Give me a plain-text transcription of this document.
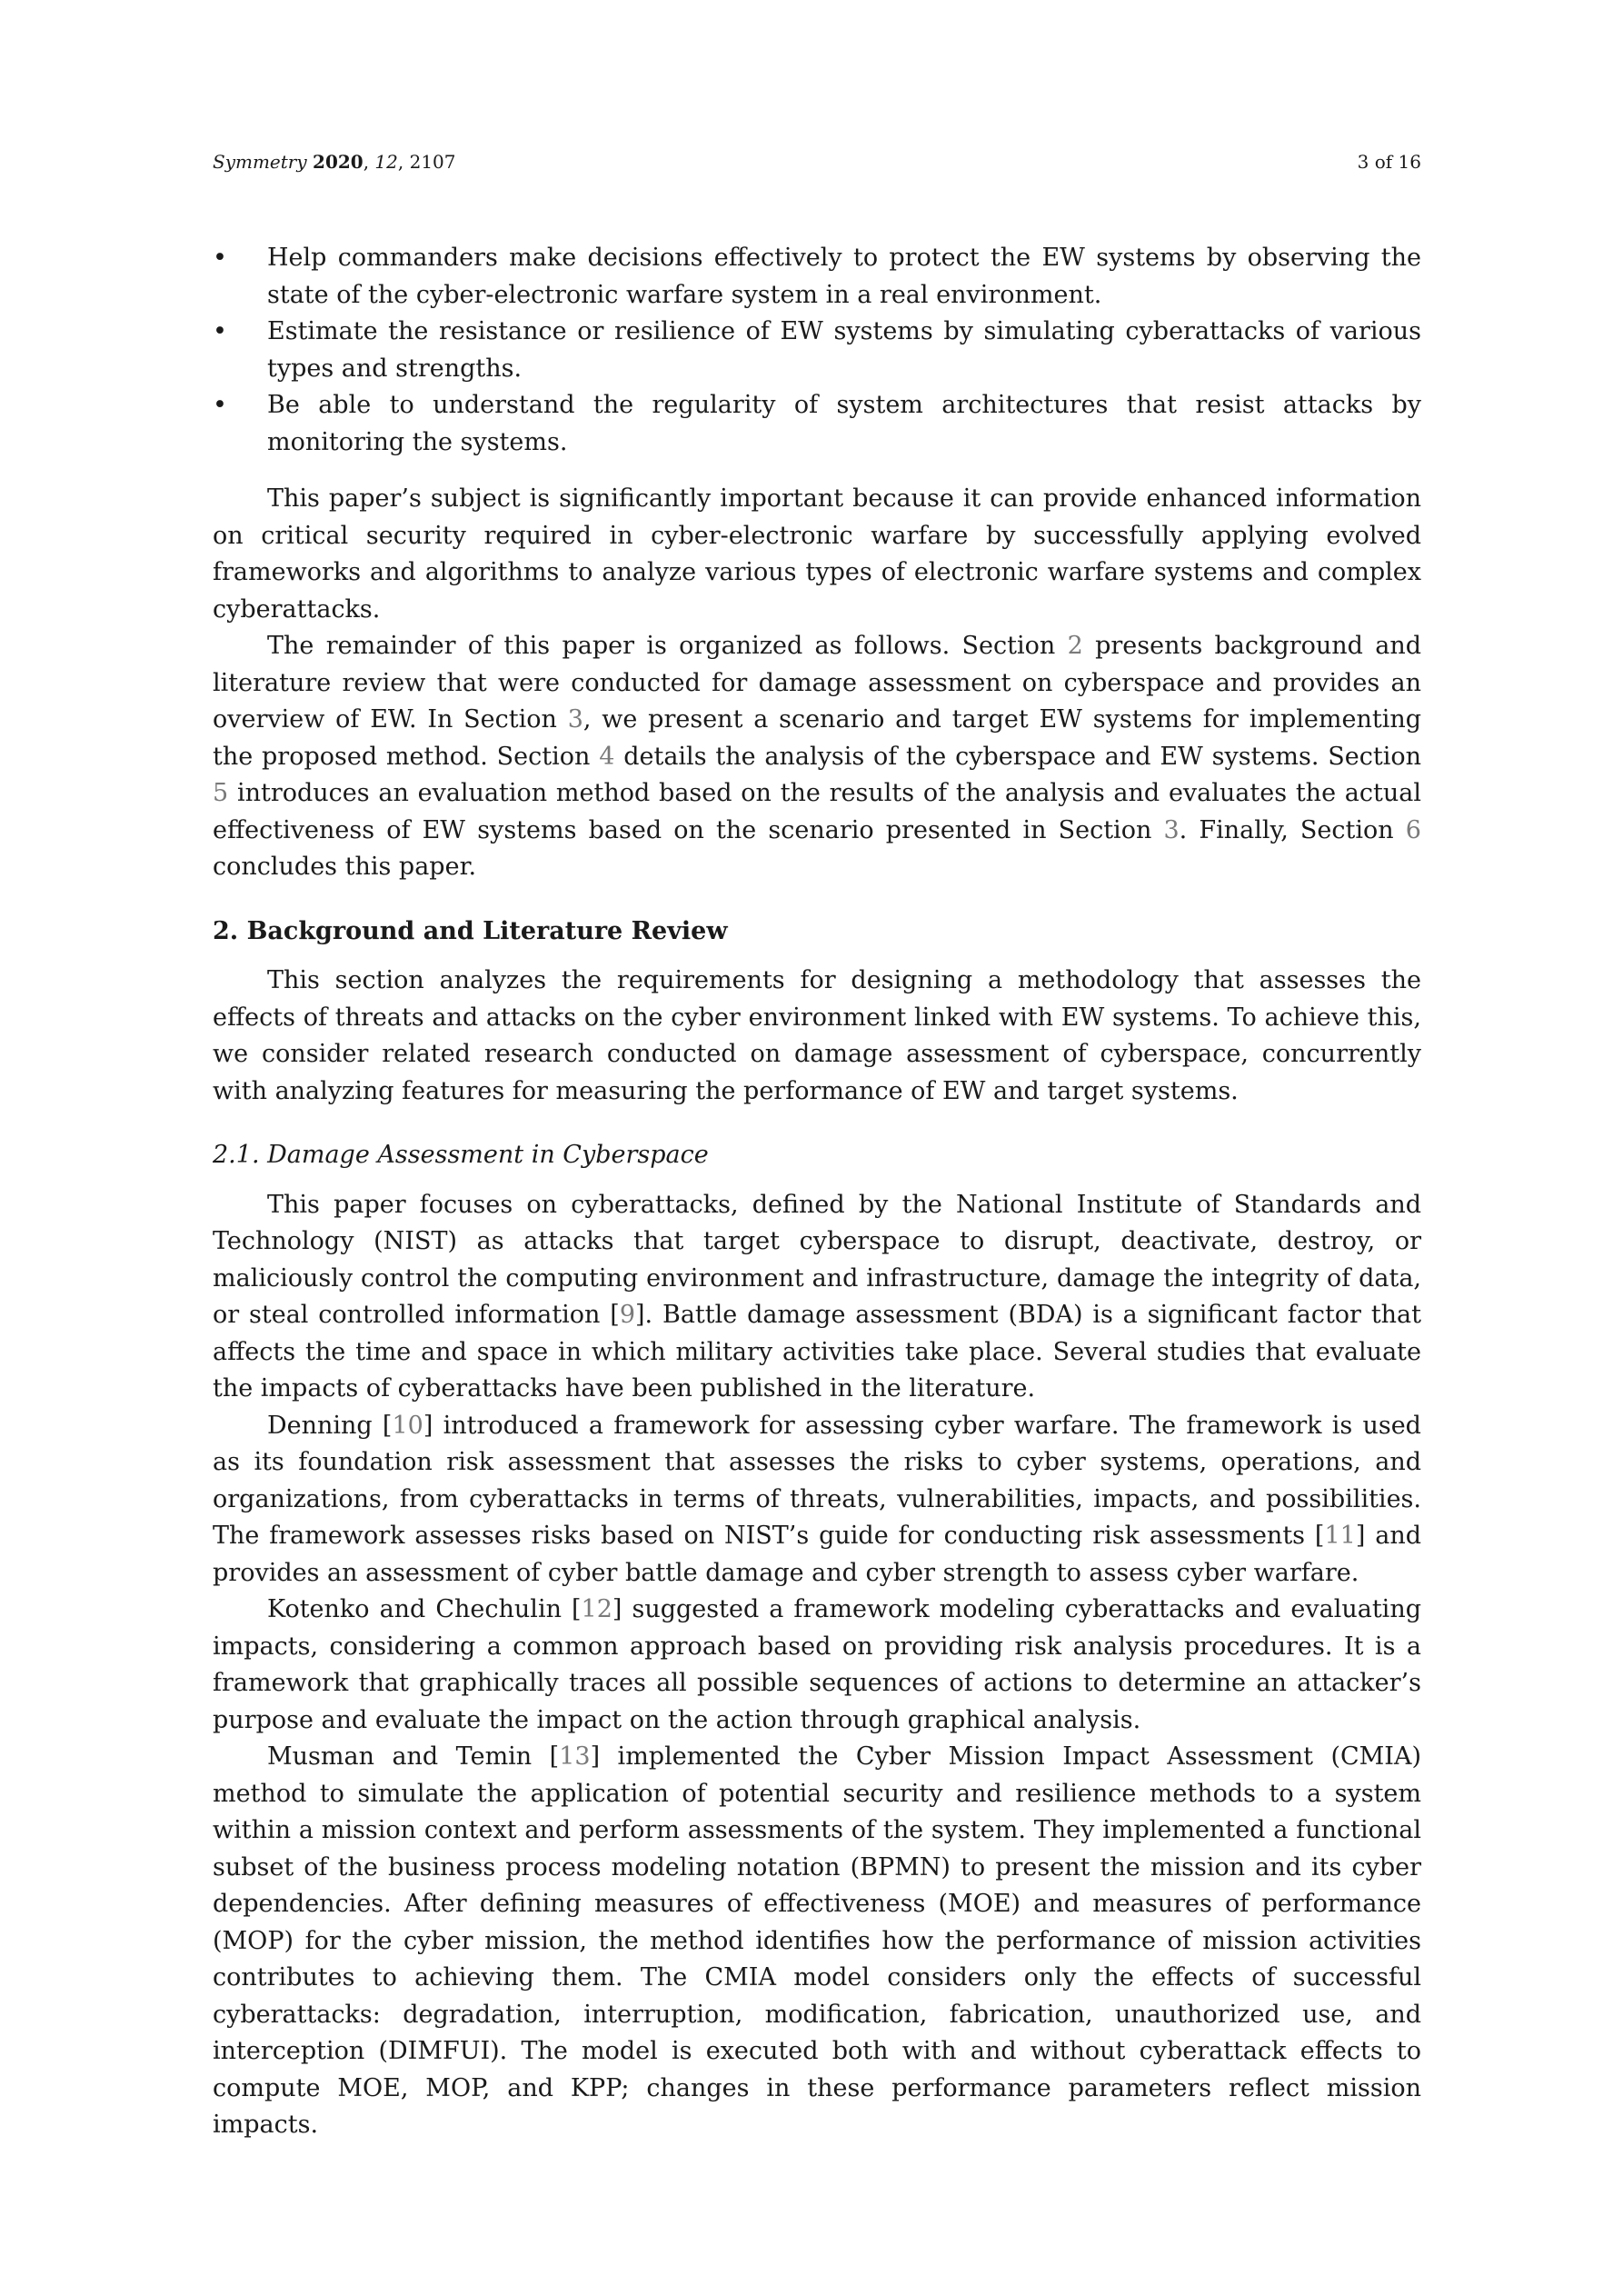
Symmetry 2020, 12, 2107	3 of 16
• Help commanders make decisions effectively to protect the EW systems by observing the state of the cyber-electronic warfare system in a real environment.
• Estimate the resistance or resilience of EW systems by simulating cyberattacks of various types and strengths.
• Be able to understand the regularity of system architectures that resist attacks by monitoring the systems.

This paper’s subject is significantly important because it can provide enhanced information on critical security required in cyber-electronic warfare by successfully applying evolved frameworks and algorithms to analyze various types of electronic warfare systems and complex cyberattacks.

The remainder of this paper is organized as follows. Section 2 presents background and literature review that were conducted for damage assessment on cyberspace and provides an overview of EW. In Section 3, we present a scenario and target EW systems for implementing the proposed method. Section 4 details the analysis of the cyberspace and EW systems. Section 5 introduces an evaluation method based on the results of the analysis and evaluates the actual effectiveness of EW systems based on the scenario presented in Section 3. Finally, Section 6 concludes this paper.

2. Background and Literature Review

This section analyzes the requirements for designing a methodology that assesses the effects of threats and attacks on the cyber environment linked with EW systems. To achieve this, we consider related research conducted on damage assessment of cyberspace, concurrently with analyzing features for measuring the performance of EW and target systems.

2.1. Damage Assessment in Cyberspace

This paper focuses on cyberattacks, defined by the National Institute of Standards and Technology (NIST) as attacks that target cyberspace to disrupt, deactivate, destroy, or maliciously control the computing environment and infrastructure, damage the integrity of data, or steal controlled information [9]. Battle damage assessment (BDA) is a significant factor that affects the time and space in which military activities take place. Several studies that evaluate the impacts of cyberattacks have been published in the literature.

Denning [10] introduced a framework for assessing cyber warfare. The framework is used as its foundation risk assessment that assesses the risks to cyber systems, operations, and organizations, from cyberattacks in terms of threats, vulnerabilities, impacts, and possibilities. The framework assesses risks based on NIST’s guide for conducting risk assessments [11] and provides an assessment of cyber battle damage and cyber strength to assess cyber warfare.

Kotenko and Chechulin [12] suggested a framework modeling cyberattacks and evaluating impacts, considering a common approach based on providing risk analysis procedures. It is a framework that graphically traces all possible sequences of actions to determine an attacker’s purpose and evaluate the impact on the action through graphical analysis.

Musman and Temin [13] implemented the Cyber Mission Impact Assessment (CMIA) method to simulate the application of potential security and resilience methods to a system within a mission context and perform assessments of the system. They implemented a functional subset of the business process modeling notation (BPMN) to present the mission and its cyber dependencies. After defining measures of effectiveness (MOE) and measures of performance (MOP) for the cyber mission, the method identifies how the performance of mission activities contributes to achieving them. The CMIA model considers only the effects of successful cyberattacks: degradation, interruption, modification, fabrication, unauthorized use, and interception (DIMFUI). The model is executed both with and without cyberattack effects to compute MOE, MOP, and KPP; changes in these performance parameters reflect mission impacts.
